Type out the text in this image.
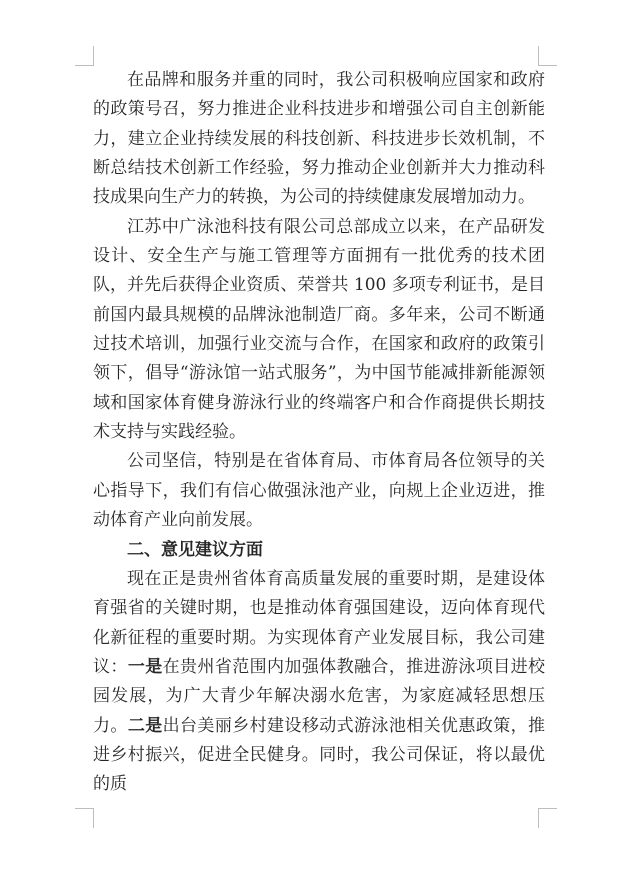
在品牌和服务并重的同时，我公司积极响应国家和政府的政策号召，努力推进企业科技进步和增强公司自主创新能力，建立企业持续发展的科技创新、科技进步长效机制，不断总结技术创新工作经验，努力推动企业创新并大力推动科技成果向生产力的转换，为公司的持续健康发展增加动力。

江苏中广泳池科技有限公司总部成立以来，在产品研发设计、安全生产与施工管理等方面拥有一批优秀的技术团队，并先后获得企业资质、荣誉共 100 多项专利证书，是目前国内最具规模的品牌泳池制造厂商。多年来，公司不断通过技术培训，加强行业交流与合作，在国家和政府的政策引领下，倡导“游泳馆一站式服务”，为中国节能减排新能源领域和国家体育健身游泳行业的终端客户和合作商提供长期技术支持与实践经验。

公司坚信，特别是在省体育局、市体育局各位领导的关心指导下，我们有信心做强泳池产业，向规上企业迈进，推动体育产业向前发展。

二、意见建议方面

现在正是贵州省体育高质量发展的重要时期，是建设体育强省的关键时期，也是推动体育强国建设，迈向体育现代化新征程的重要时期。为实现体育产业发展目标，我公司建议：一是在贵州省范围内加强体教融合，推进游泳项目进校园发展，为广大青少年解决溺水危害，为家庭减轻思想压力。二是出台美丽乡村建设移动式游泳池相关优惠政策，推进乡村振兴，促进全民健身。同时，我公司保证，将以最优的质
